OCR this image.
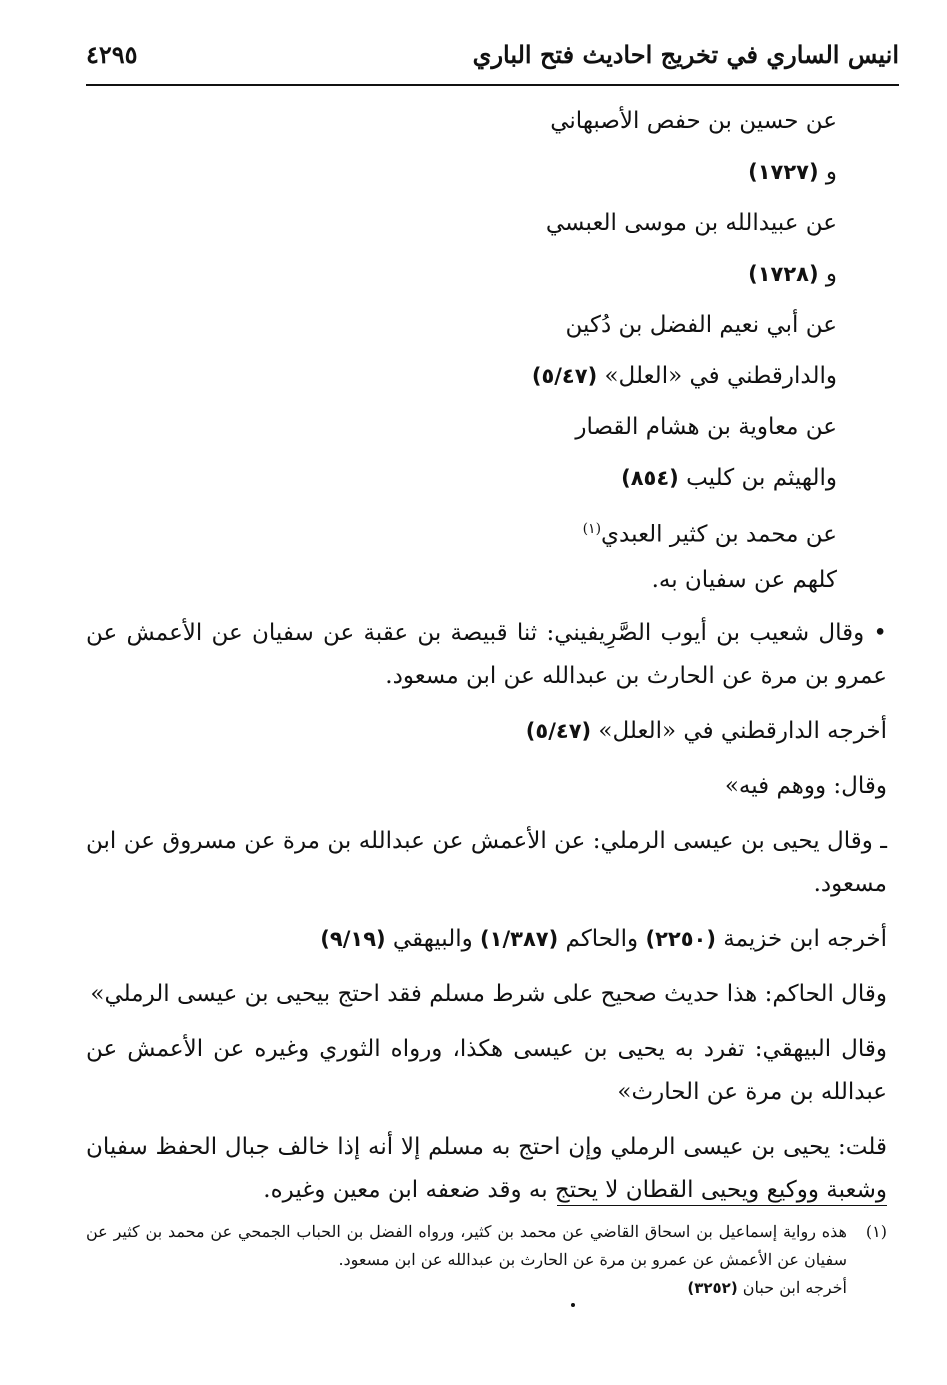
انيس الساري في تخريج احاديث فتح الباري
٤٢٩٥
عن حسين بن حفص الأصبهاني
و (١٧٢٧)
عن عبيدالله بن موسى العبسي
و (١٧٢٨)
عن أبي نعيم الفضل بن دُكين
والدارقطني في «العلل» (٥/٤٧)
عن معاوية بن هشام القصار
والهيثم بن كليب (٨٥٤)
عن محمد بن كثير العبدي$^{(١)}$
كلهم عن سفيان به.

• وقال شعيب بن أيوب الصَّرِيفيني: ثنا قبيصة بن عقبة عن سفيان عن الأعمش عن عمرو بن مرة عن الحارث بن عبدالله عن ابن مسعود.

أخرجه الدارقطني في «العلل» (٥/٤٧)

وقال: ووهم فيه»

ـ وقال يحيى بن عيسى الرملي: عن الأعمش عن عبدالله بن مرة عن مسروق عن ابن مسعود.

أخرجه ابن خزيمة (٢٢٥٠) والحاكم (١/٣٨٧) والبيهقي (٩/١٩)

وقال الحاكم: هذا حديث صحيح على شرط مسلم فقد احتج بيحيى بن عيسى الرملي»

وقال البيهقي: تفرد به يحيى بن عيسى هكذا، ورواه الثوري وغيره عن الأعمش عن عبدالله بن مرة عن الحارث»

قلت: يحيى بن عيسى الرملي وإن احتج به مسلم إلا أنه إذا خالف جبال الحفظ سفيان وشعبة ووكيع ويحيى القطان لا يحتج به وقد ضعفه ابن معين وغيره.

(١)
هذه رواية إسماعيل بن اسحاق القاضي عن محمد بن كثير، ورواه الفضل بن الحباب الجمحي عن محمد بن كثير عن سفيان عن الأعمش عن عمرو بن مرة عن الحارث بن عبدالله عن ابن مسعود.
أخرجه ابن حبان (٣٢٥٢)
